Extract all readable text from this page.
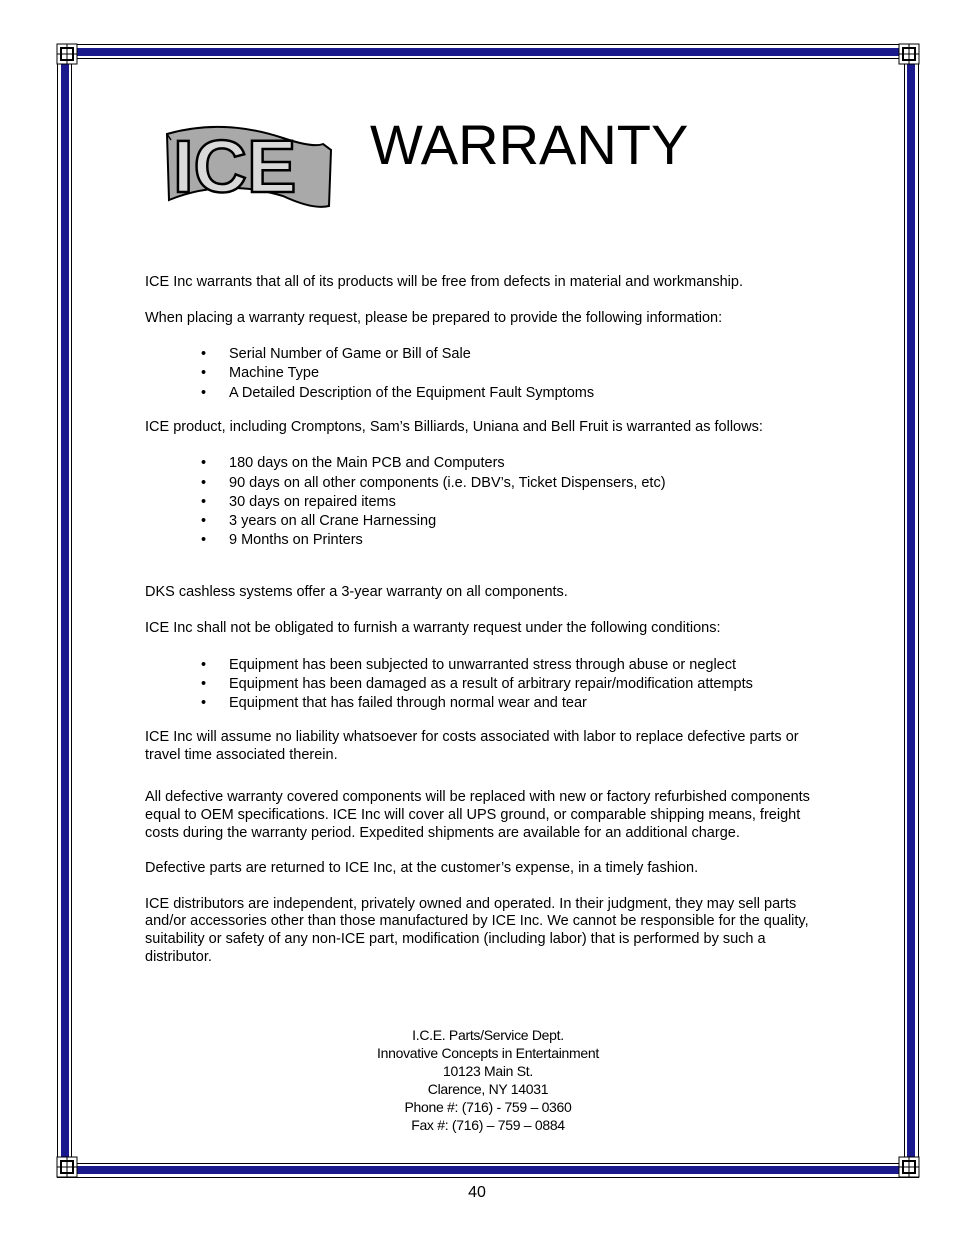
ICE WARRANTY

ICE Inc warrants that all of its products will be free from defects in material and workmanship.

When placing a warranty request, please be prepared to provide the following information:

• Serial Number of Game or Bill of Sale
• Machine Type
• A Detailed Description of the Equipment Fault Symptoms

ICE product, including Cromptons, Sam’s Billiards, Uniana and Bell Fruit is warranted as follows:

• 180 days on the Main PCB and Computers
• 90 days on all other components (i.e. DBV’s, Ticket Dispensers, etc)
• 30 days on repaired items
• 3 years on all Crane Harnessing
• 9 Months on Printers

DKS cashless systems offer a 3-year warranty on all components.

ICE Inc shall not be obligated to furnish a warranty request under the following conditions:

• Equipment has been subjected to unwarranted stress through abuse or neglect
• Equipment has been damaged as a result of arbitrary repair/modification attempts
• Equipment that has failed through normal wear and tear

ICE Inc will assume no liability whatsoever for costs associated with labor to replace defective parts or

travel time associated therein.

All defective warranty covered components will be replaced with new or factory refurbished components

equal to OEM specifications. ICE Inc will cover all UPS ground, or comparable shipping means, freight

costs during the warranty period. Expedited shipments are available for an additional charge.

Defective parts are returned to ICE Inc, at the customer’s expense, in a timely fashion.

ICE distributors are independent, privately owned and operated. In their judgment, they may sell parts

and/or accessories other than those manufactured by ICE Inc. We cannot be responsible for the quality,

suitability or safety of any non-ICE part, modification (including labor) that is performed by such a

distributor.

I.C.E. Parts/Service Dept.
Innovative Concepts in Entertainment
10123 Main St.
Clarence, NY 14031
Phone #: (716) - 759 – 0360
Fax #: (716) – 759 – 0884
40
